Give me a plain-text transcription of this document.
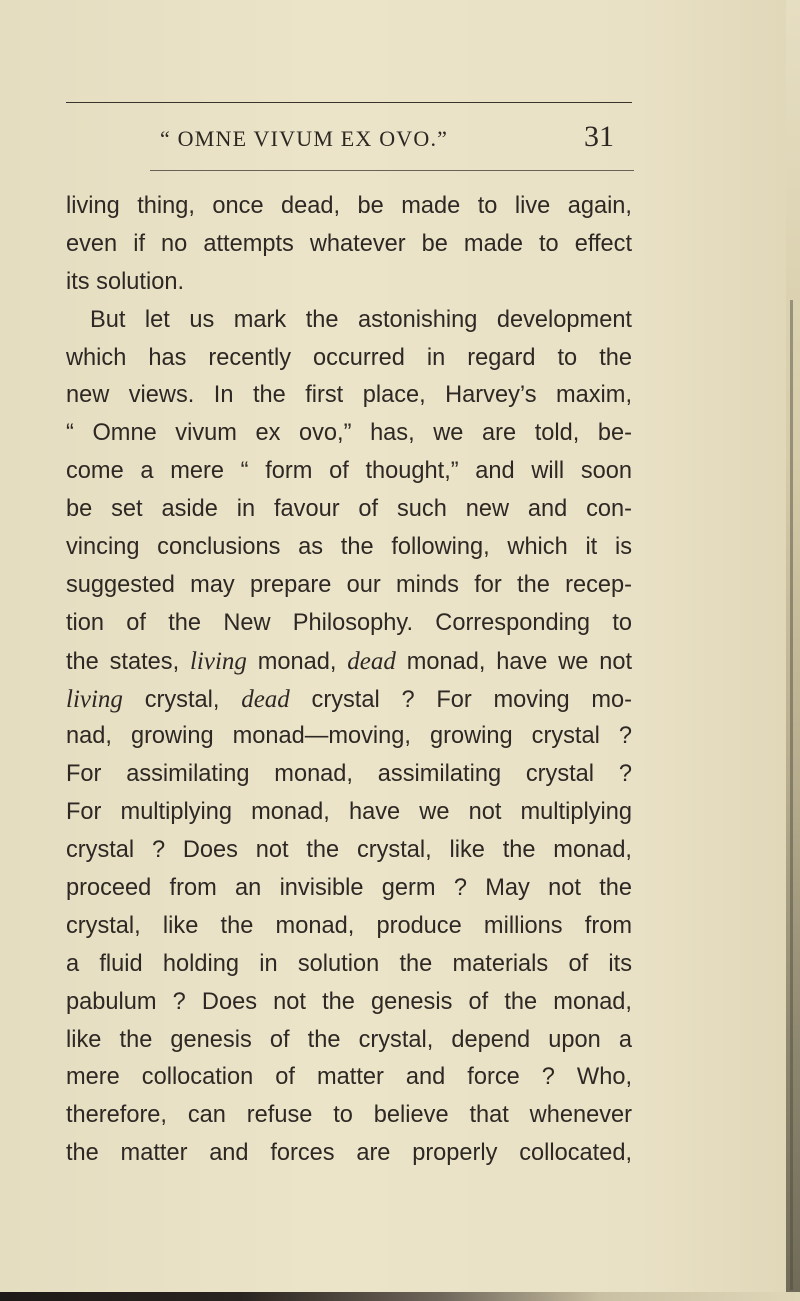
“ OMNE VIVUM EX OVO.”	31
living thing, once dead, be made to live again,
even if no attempts whatever be made to effect
its solution.
But let us mark the astonishing development
which has recently occurred in regard to the
new views. In the first place, Harvey’s maxim,
“ Omne vivum ex ovo,” has, we are told, be-
come a mere “ form of thought,” and will soon
be set aside in favour of such new and con-
vincing conclusions as the following, which it is
suggested may prepare our minds for the recep-
tion of the New Philosophy. Corresponding to
the states, living monad, dead monad, have we not
living crystal, dead crystal ? For moving mo-
nad, growing monad—moving, growing crystal ?
For assimilating monad, assimilating crystal ?
For multiplying monad, have we not multiplying
crystal ? Does not the crystal, like the monad,
proceed from an invisible germ ? May not the
crystal, like the monad, produce millions from
a fluid holding in solution the materials of its
pabulum ? Does not the genesis of the monad,
like the genesis of the crystal, depend upon a
mere collocation of matter and force ? Who,
therefore, can refuse to believe that whenever
the matter and forces are properly collocated,
